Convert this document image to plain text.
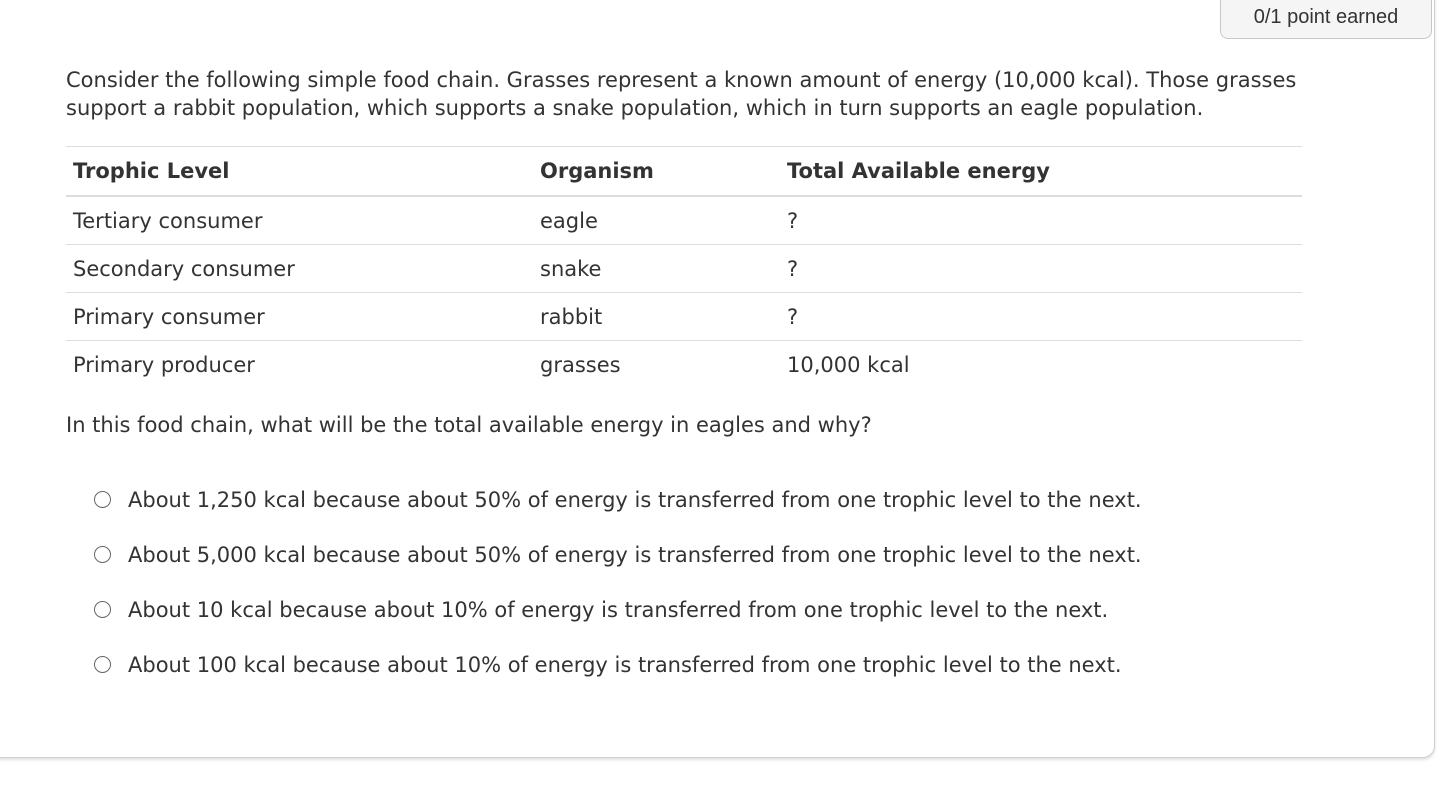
0/1 point earned
Consider the following simple food chain. Grasses represent a known amount of energy (10,000 kcal). Those grasses support a rabbit population, which supports a snake population, which in turn supports an eagle population.
Trophic Level	Organism	Total Available energy
Tertiary consumer	eagle	?
Secondary consumer	snake	?
Primary consumer	rabbit	?
Primary producer	grasses	10,000 kcal
In this food chain, what will be the total available energy in eagles and why?
About 1,250 kcal because about 50% of energy is transferred from one trophic level to the next.
About 5,000 kcal because about 50% of energy is transferred from one trophic level to the next.
About 10 kcal because about 10% of energy is transferred from one trophic level to the next.
About 100 kcal because about 10% of energy is transferred from one trophic level to the next.
